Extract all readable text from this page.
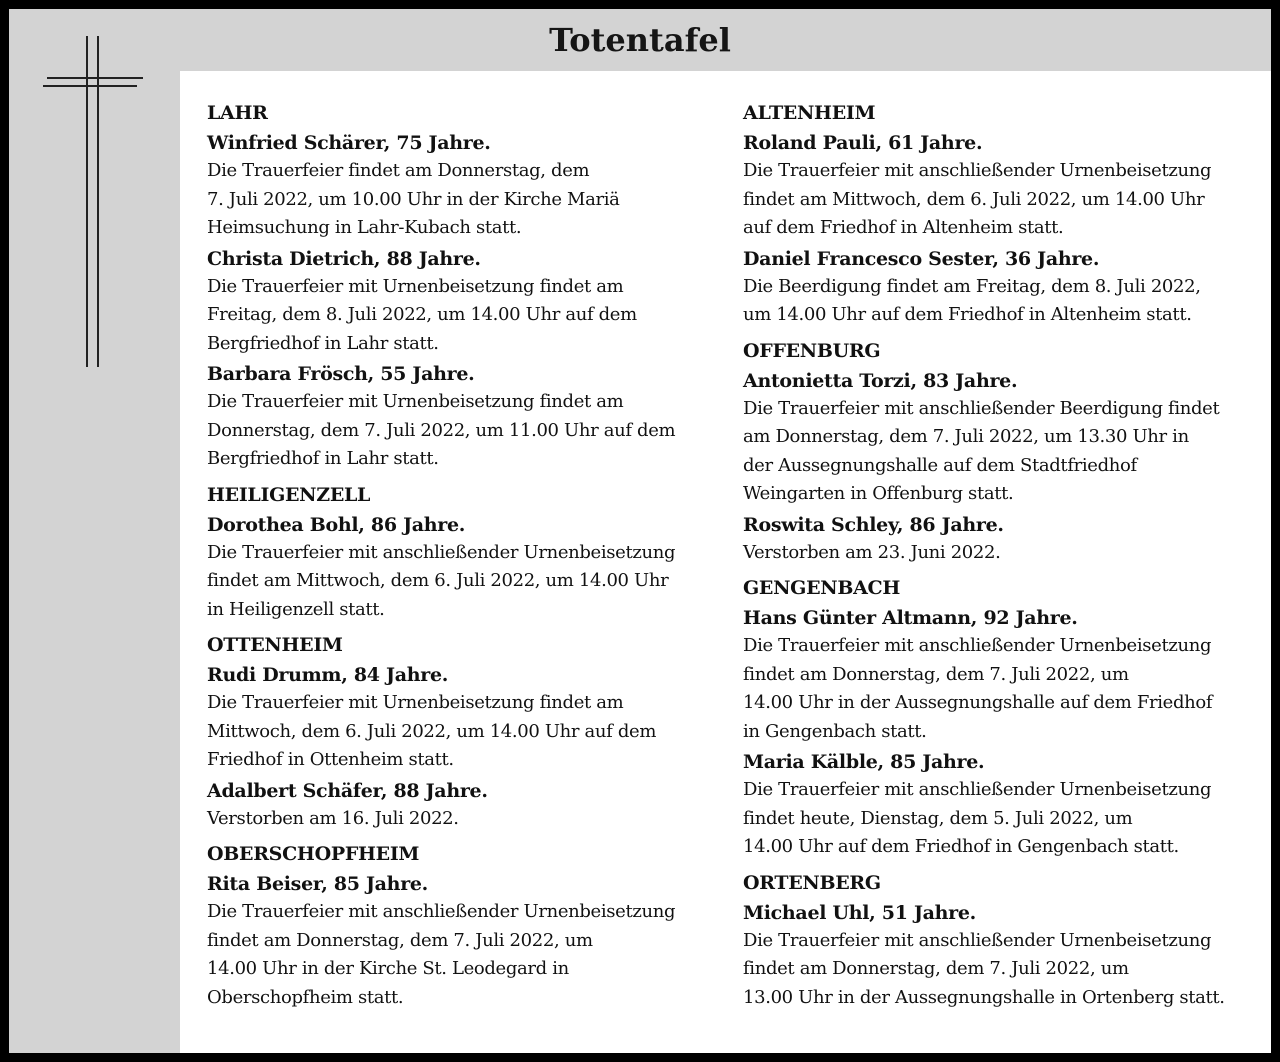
Totentafel
LAHR
Winfried Schärer, 75 Jahre.
Die Trauerfeier findet am Donnerstag, dem
7. Juli 2022, um 10.00 Uhr in der Kirche Mariä
Heimsuchung in Lahr-Kubach statt.
Christa Dietrich, 88 Jahre.
Die Trauerfeier mit Urnenbeisetzung findet am
Freitag, dem 8. Juli 2022, um 14.00 Uhr auf dem
Bergfriedhof in Lahr statt.
Barbara Frösch, 55 Jahre.
Die Trauerfeier mit Urnenbeisetzung findet am
Donnerstag, dem 7. Juli 2022, um 11.00 Uhr auf dem
Bergfriedhof in Lahr statt.
HEILIGENZELL
Dorothea Bohl, 86 Jahre.
Die Trauerfeier mit anschließender Urnenbeisetzung
findet am Mittwoch, dem 6. Juli 2022, um 14.00 Uhr
in Heiligenzell statt.
OTTENHEIM
Rudi Drumm, 84 Jahre.
Die Trauerfeier mit Urnenbeisetzung findet am
Mittwoch, dem 6. Juli 2022, um 14.00 Uhr auf dem
Friedhof in Ottenheim statt.
Adalbert Schäfer, 88 Jahre.
Verstorben am 16. Juli 2022.
OBERSCHOPFHEIM
Rita Beiser, 85 Jahre.
Die Trauerfeier mit anschließender Urnenbeisetzung
findet am Donnerstag, dem 7. Juli 2022, um
14.00 Uhr in der Kirche St. Leodegard in
Oberschopfheim statt.
ALTENHEIM
Roland Pauli, 61 Jahre.
Die Trauerfeier mit anschließender Urnenbeisetzung
findet am Mittwoch, dem 6. Juli 2022, um 14.00 Uhr
auf dem Friedhof in Altenheim statt.
Daniel Francesco Sester, 36 Jahre.
Die Beerdigung findet am Freitag, dem 8. Juli 2022,
um 14.00 Uhr auf dem Friedhof in Altenheim statt.
OFFENBURG
Antonietta Torzi, 83 Jahre.
Die Trauerfeier mit anschließender Beerdigung findet
am Donnerstag, dem 7. Juli 2022, um 13.30 Uhr in
der Aussegnungshalle auf dem Stadtfriedhof
Weingarten in Offenburg statt.
Roswita Schley, 86 Jahre.
Verstorben am 23. Juni 2022.
GENGENBACH
Hans Günter Altmann, 92 Jahre.
Die Trauerfeier mit anschließender Urnenbeisetzung
findet am Donnerstag, dem 7. Juli 2022, um
14.00 Uhr in der Aussegnungshalle auf dem Friedhof
in Gengenbach statt.
Maria Kälble, 85 Jahre.
Die Trauerfeier mit anschließender Urnenbeisetzung
findet heute, Dienstag, dem 5. Juli 2022, um
14.00 Uhr auf dem Friedhof in Gengenbach statt.
ORTENBERG
Michael Uhl, 51 Jahre.
Die Trauerfeier mit anschließender Urnenbeisetzung
findet am Donnerstag, dem 7. Juli 2022, um
13.00 Uhr in der Aussegnungshalle in Ortenberg statt.
